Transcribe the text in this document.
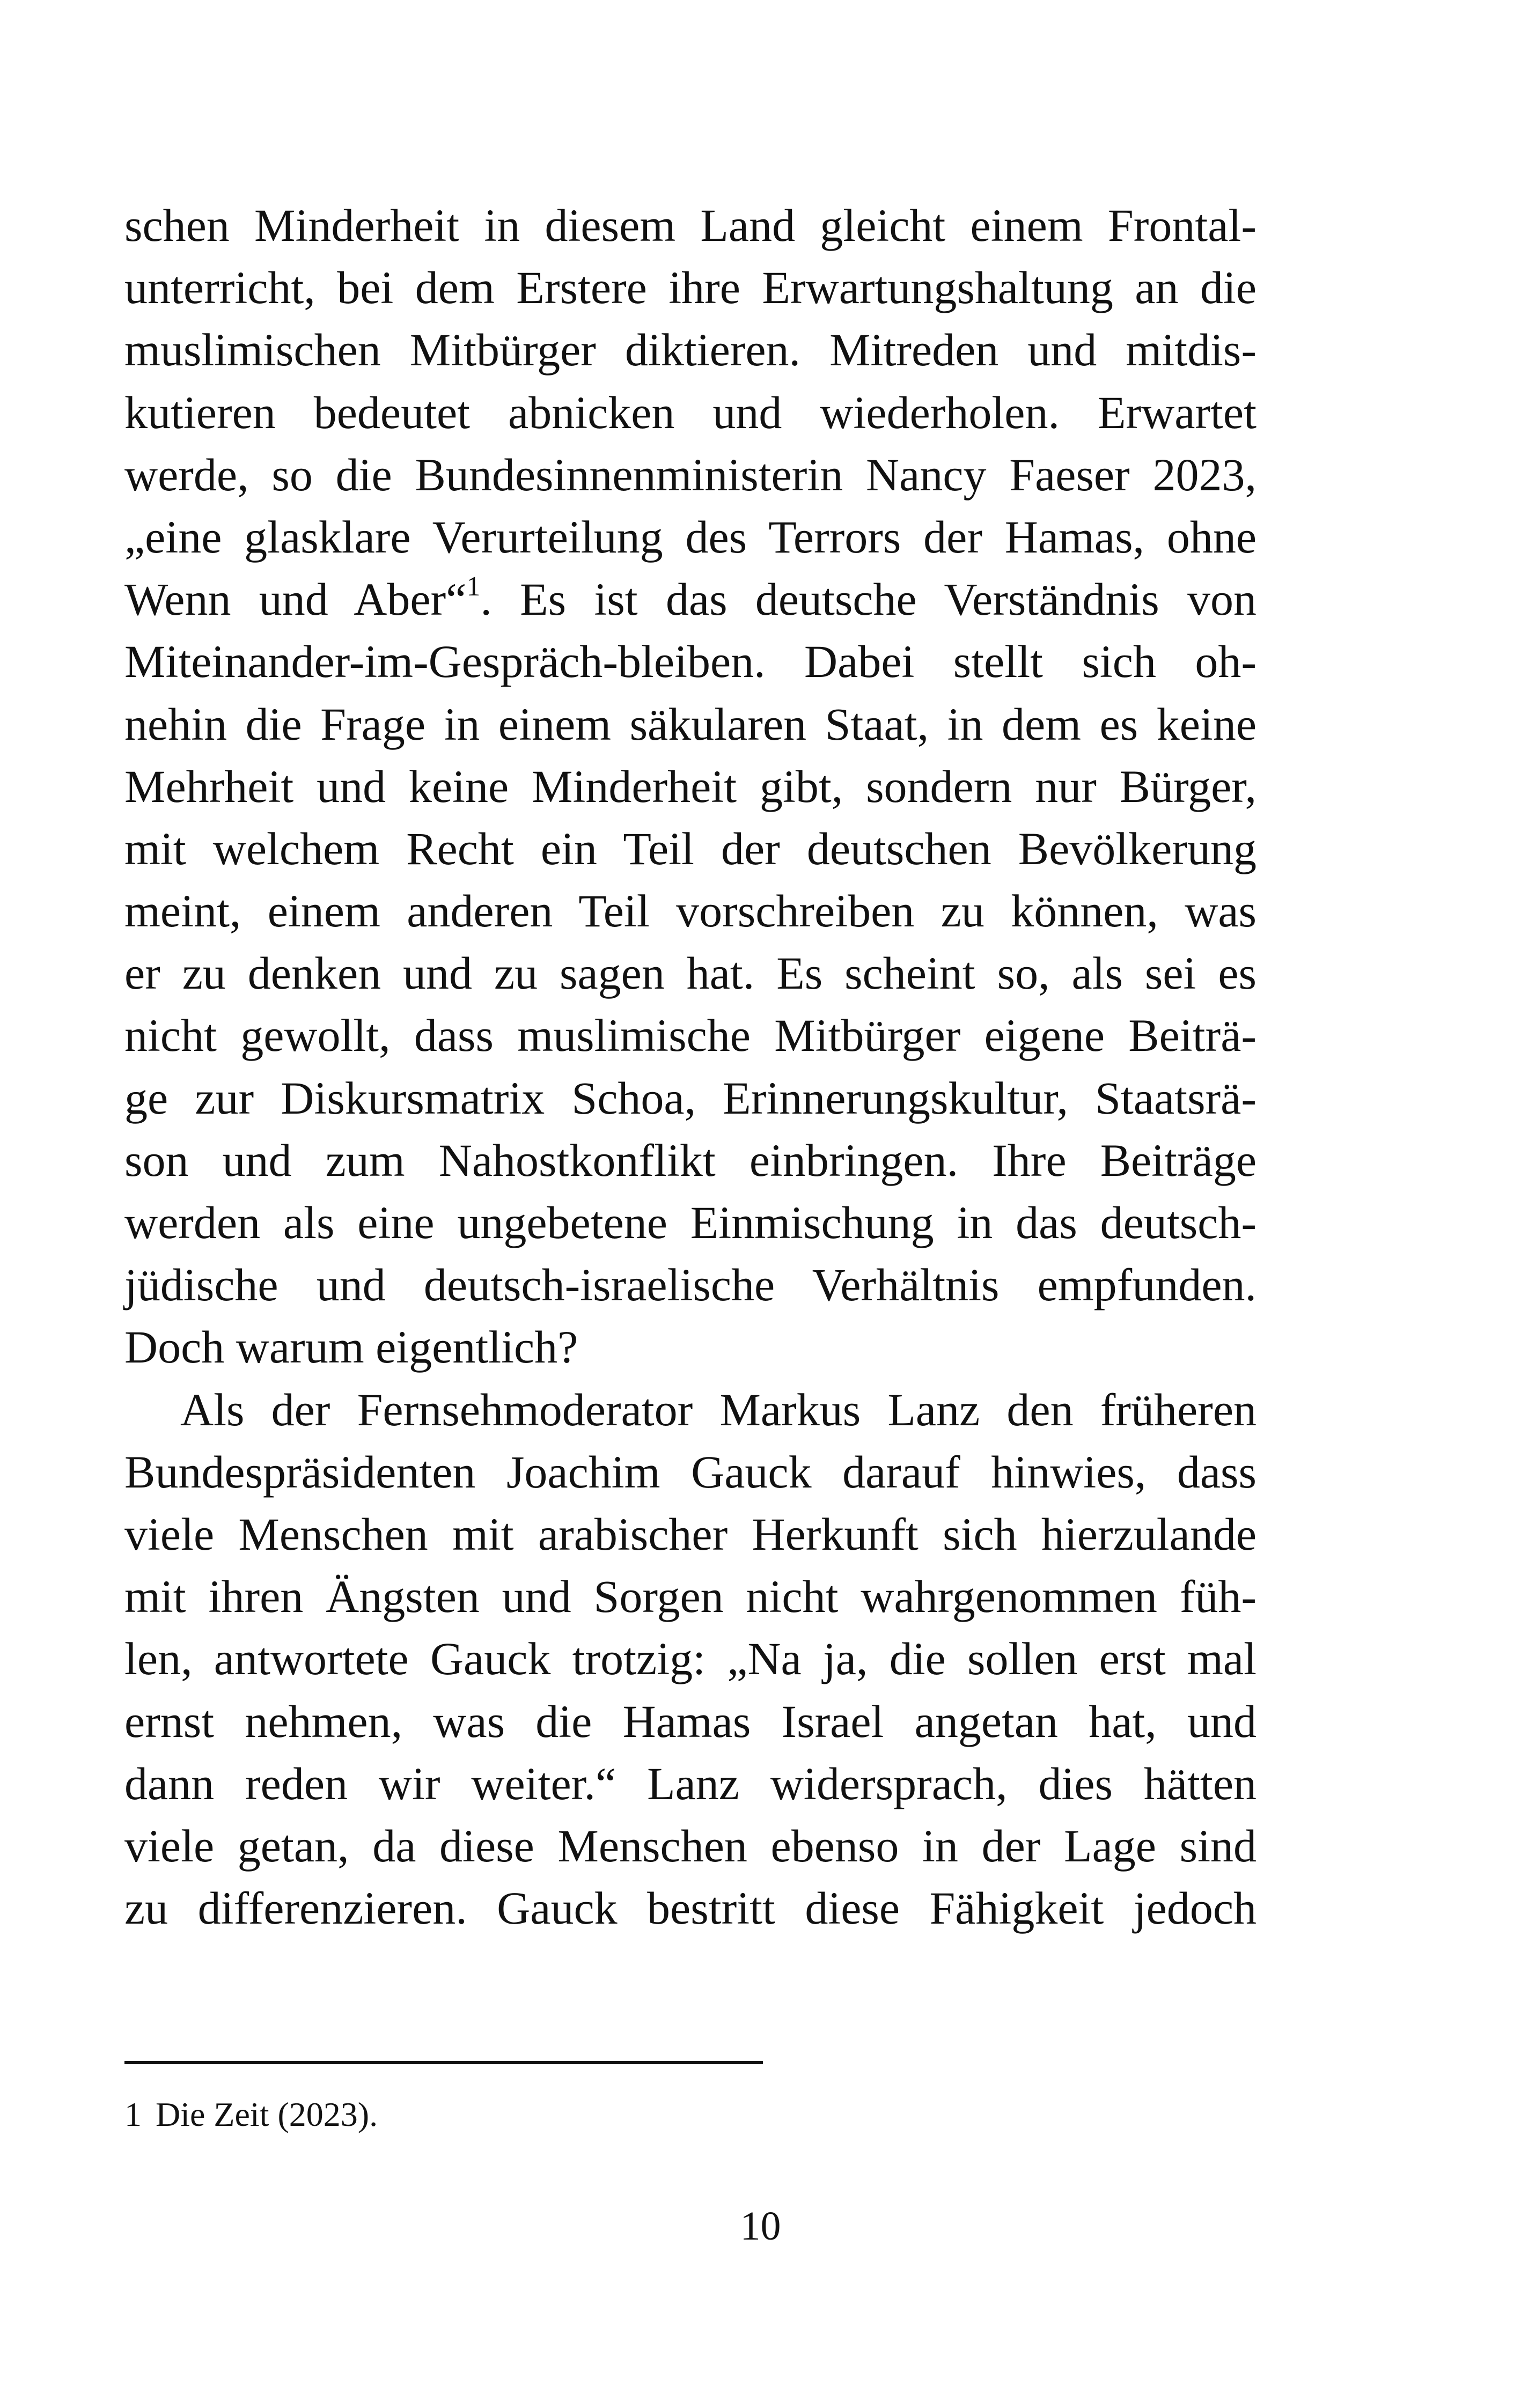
schen Minderheit in diesem Land gleicht einem Frontal-
unterricht, bei dem Erstere ihre Erwartungshaltung an die
muslimischen Mitbürger diktieren. Mitreden und mitdis-
kutieren bedeutet abnicken und wiederholen. Erwartet
werde, so die Bundesinnenministerin Nancy Faeser 2023,
„eine glasklare Verurteilung des Terrors der Hamas, ohne
Wenn und Aber“$^1$. Es ist das deutsche Verständnis von
Miteinander-im-Gespräch-bleiben. Dabei stellt sich oh-
nehin die Frage in einem säkularen Staat, in dem es keine
Mehrheit und keine Minderheit gibt, sondern nur Bürger,
mit welchem Recht ein Teil der deutschen Bevölkerung
meint, einem anderen Teil vorschreiben zu können, was
er zu denken und zu sagen hat. Es scheint so, als sei es
nicht gewollt, dass muslimische Mitbürger eigene Beiträ-
ge zur Diskursmatrix Schoa, Erinnerungskultur, Staatsrä-
son und zum Nahostkonflikt einbringen. Ihre Beiträge
werden als eine ungebetene Einmischung in das deutsch-
jüdische und deutsch-israelische Verhältnis empfunden.
Doch warum eigentlich?
Als der Fernsehmoderator Markus Lanz den früheren
Bundespräsidenten Joachim Gauck darauf hinwies, dass
viele Menschen mit arabischer Herkunft sich hierzulande
mit ihren Ängsten und Sorgen nicht wahrgenommen füh-
len, antwortete Gauck trotzig: „Na ja, die sollen erst mal
ernst nehmen, was die Hamas Israel angetan hat, und
dann reden wir weiter.“ Lanz widersprach, dies hätten
viele getan, da diese Menschen ebenso in der Lage sind
zu differenzieren. Gauck bestritt diese Fähigkeit jedoch
1 Die Zeit (2023).
10
